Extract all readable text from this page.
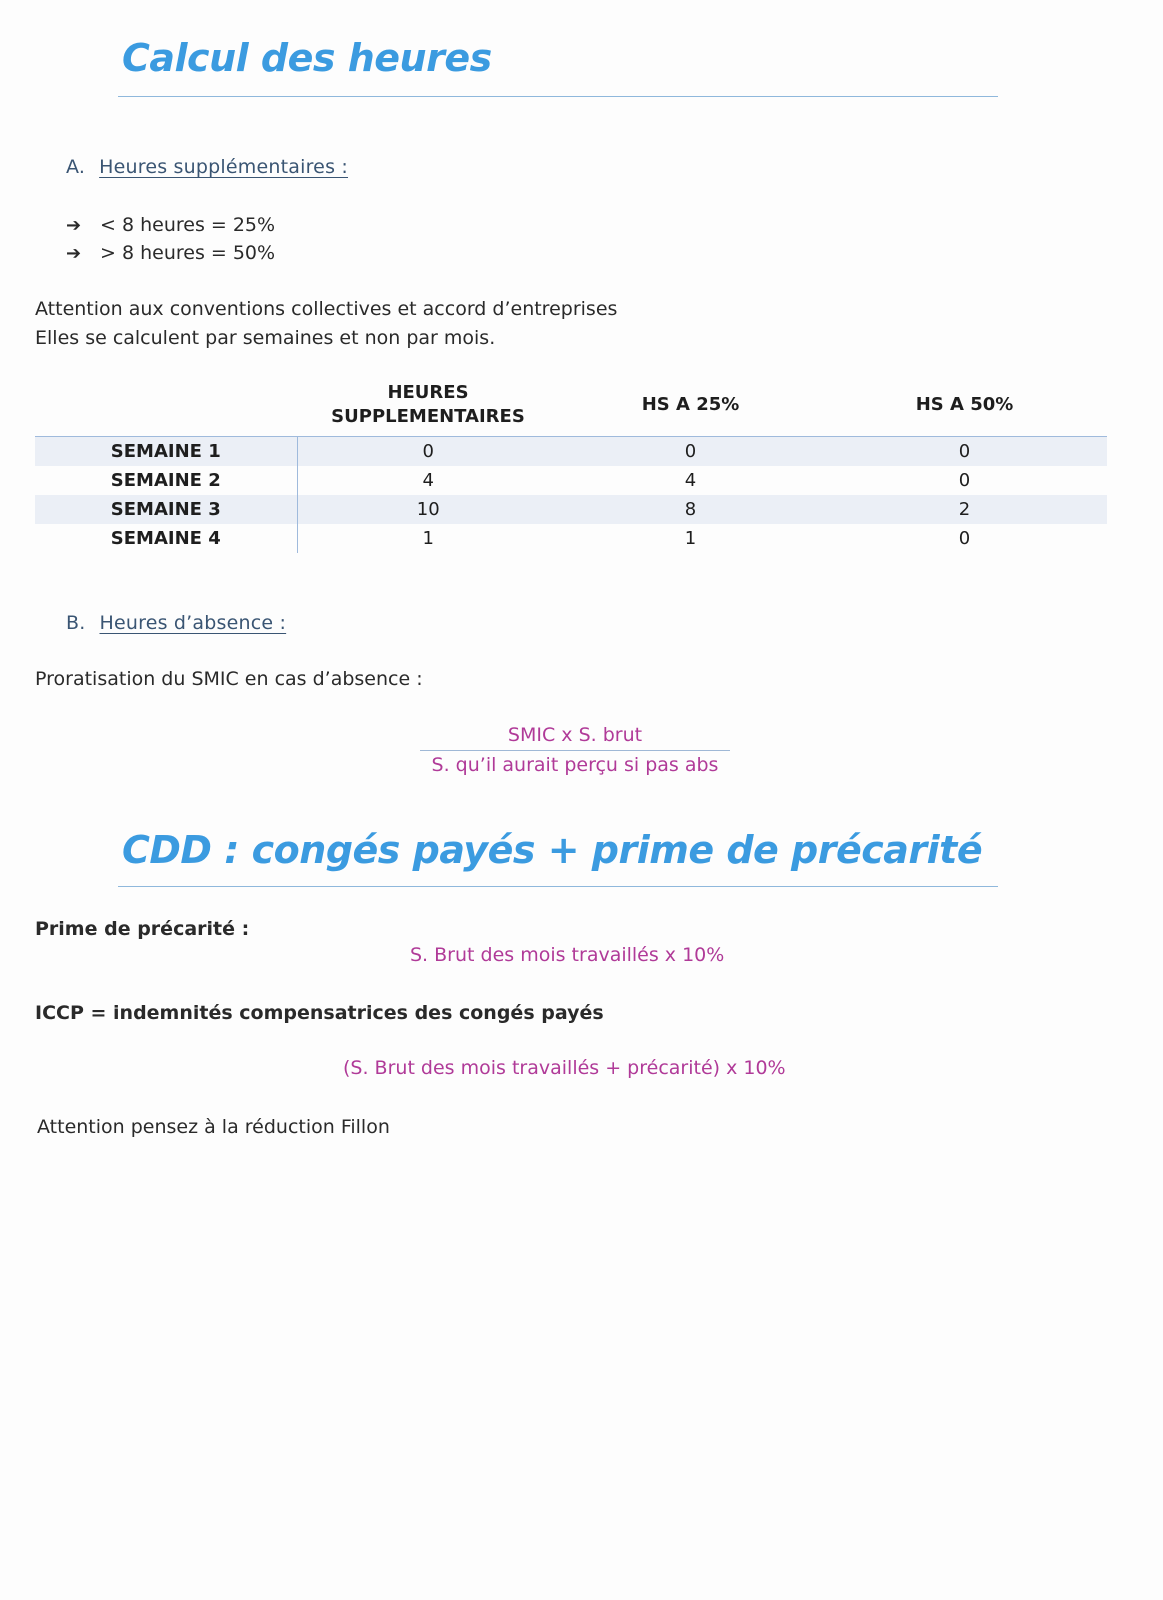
Calcul des heures
A. Heures supplémentaires :
➔ < 8 heures = 25%
➔ > 8 heures = 50%
Attention aux conventions collectives et accord d’entreprises
Elles se calculent par semaines et non par mois.
	HEURES SUPPLEMENTAIRES	HS A 25%	HS A 50%
SEMAINE 1	0	0	0
SEMAINE 2	4	4	0
SEMAINE 3	10	8	2
SEMAINE 4	1	1	0
B. Heures d’absence :
Proratisation du SMIC en cas d’absence :
SMIC x S. brut
S. qu’il aurait perçu si pas abs
CDD : congés payés + prime de précarité
Prime de précarité :
S. Brut des mois travaillés x 10%
ICCP = indemnités compensatrices des congés payés
(S. Brut des mois travaillés + précarité) x 10%
Attention pensez à la réduction Fillon
